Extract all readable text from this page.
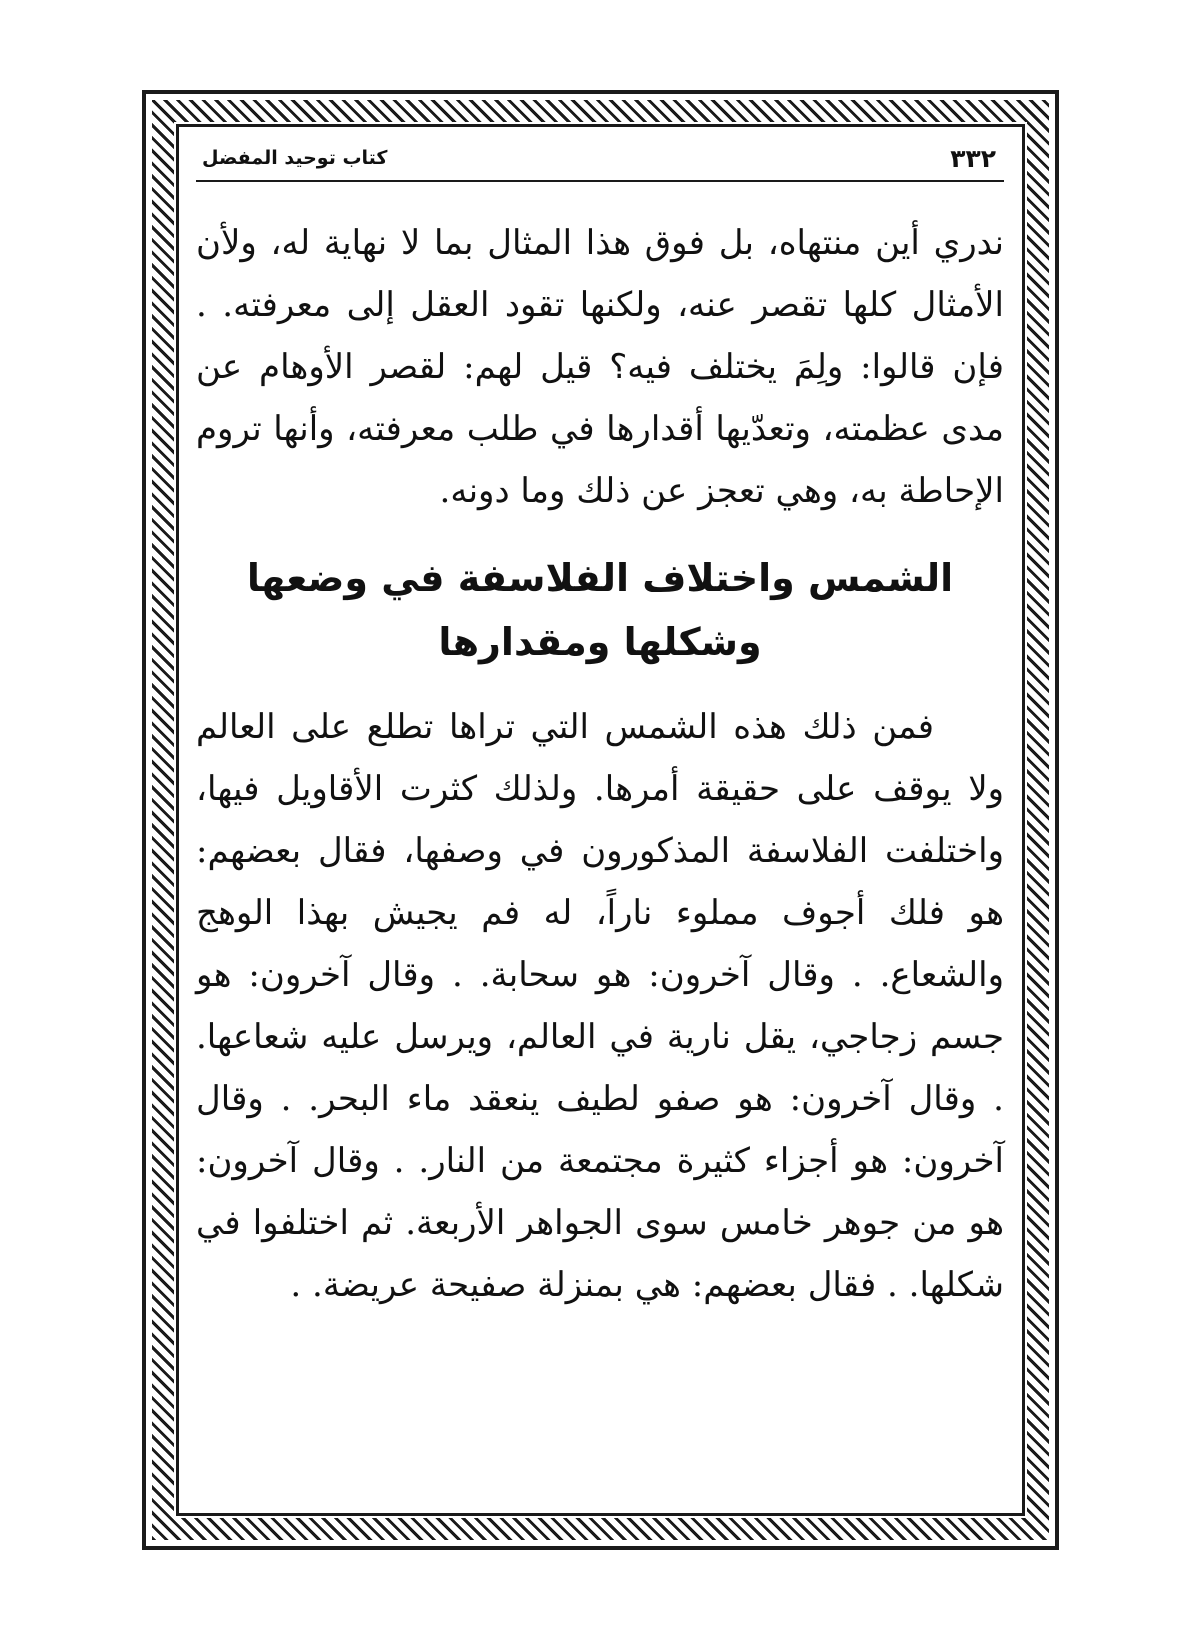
٣٣٢
كتاب توحيد المفضل

ندري أين منتهاه، بل فوق هذا المثال بما لا نهاية له، ولأن الأمثال كلها تقصر عنه، ولكنها تقود العقل إلى معرفته. . فإن قالوا: ولِمَ يختلف فيه؟ قيل لهم: لقصر الأوهام عن مدى عظمته، وتعدّيها أقدارها في طلب معرفته، وأنها تروم الإحاطة به، وهي تعجز عن ذلك وما دونه.

الشمس واختلاف الفلاسفة في وضعها وشكلها ومقدارها

فمن ذلك هذه الشمس التي تراها تطلع على العالم ولا يوقف على حقيقة أمرها. ولذلك كثرت الأقاويل فيها، واختلفت الفلاسفة المذكورون في وصفها، فقال بعضهم: هو فلك أجوف مملوء ناراً، له فم يجيش بهذا الوهج والشعاع. . وقال آخرون: هو سحابة. . وقال آخرون: هو جسم زجاجي، يقل نارية في العالم، ويرسل عليه شعاعها. . وقال آخرون: هو صفو لطيف ينعقد ماء البحر. . وقال آخرون: هو أجزاء كثيرة مجتمعة من النار. . وقال آخرون: هو من جوهر خامس سوى الجواهر الأربعة. ثم اختلفوا في شكلها. . فقال بعضهم: هي بمنزلة صفيحة عريضة. .
